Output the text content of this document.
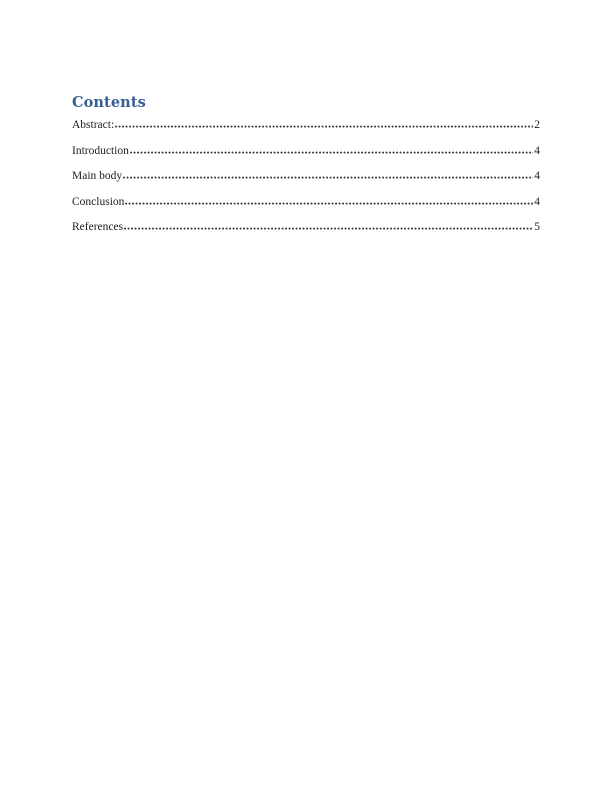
Contents
Abstract:	2
Introduction	4
Main body	4
Conclusion	4
References	5
